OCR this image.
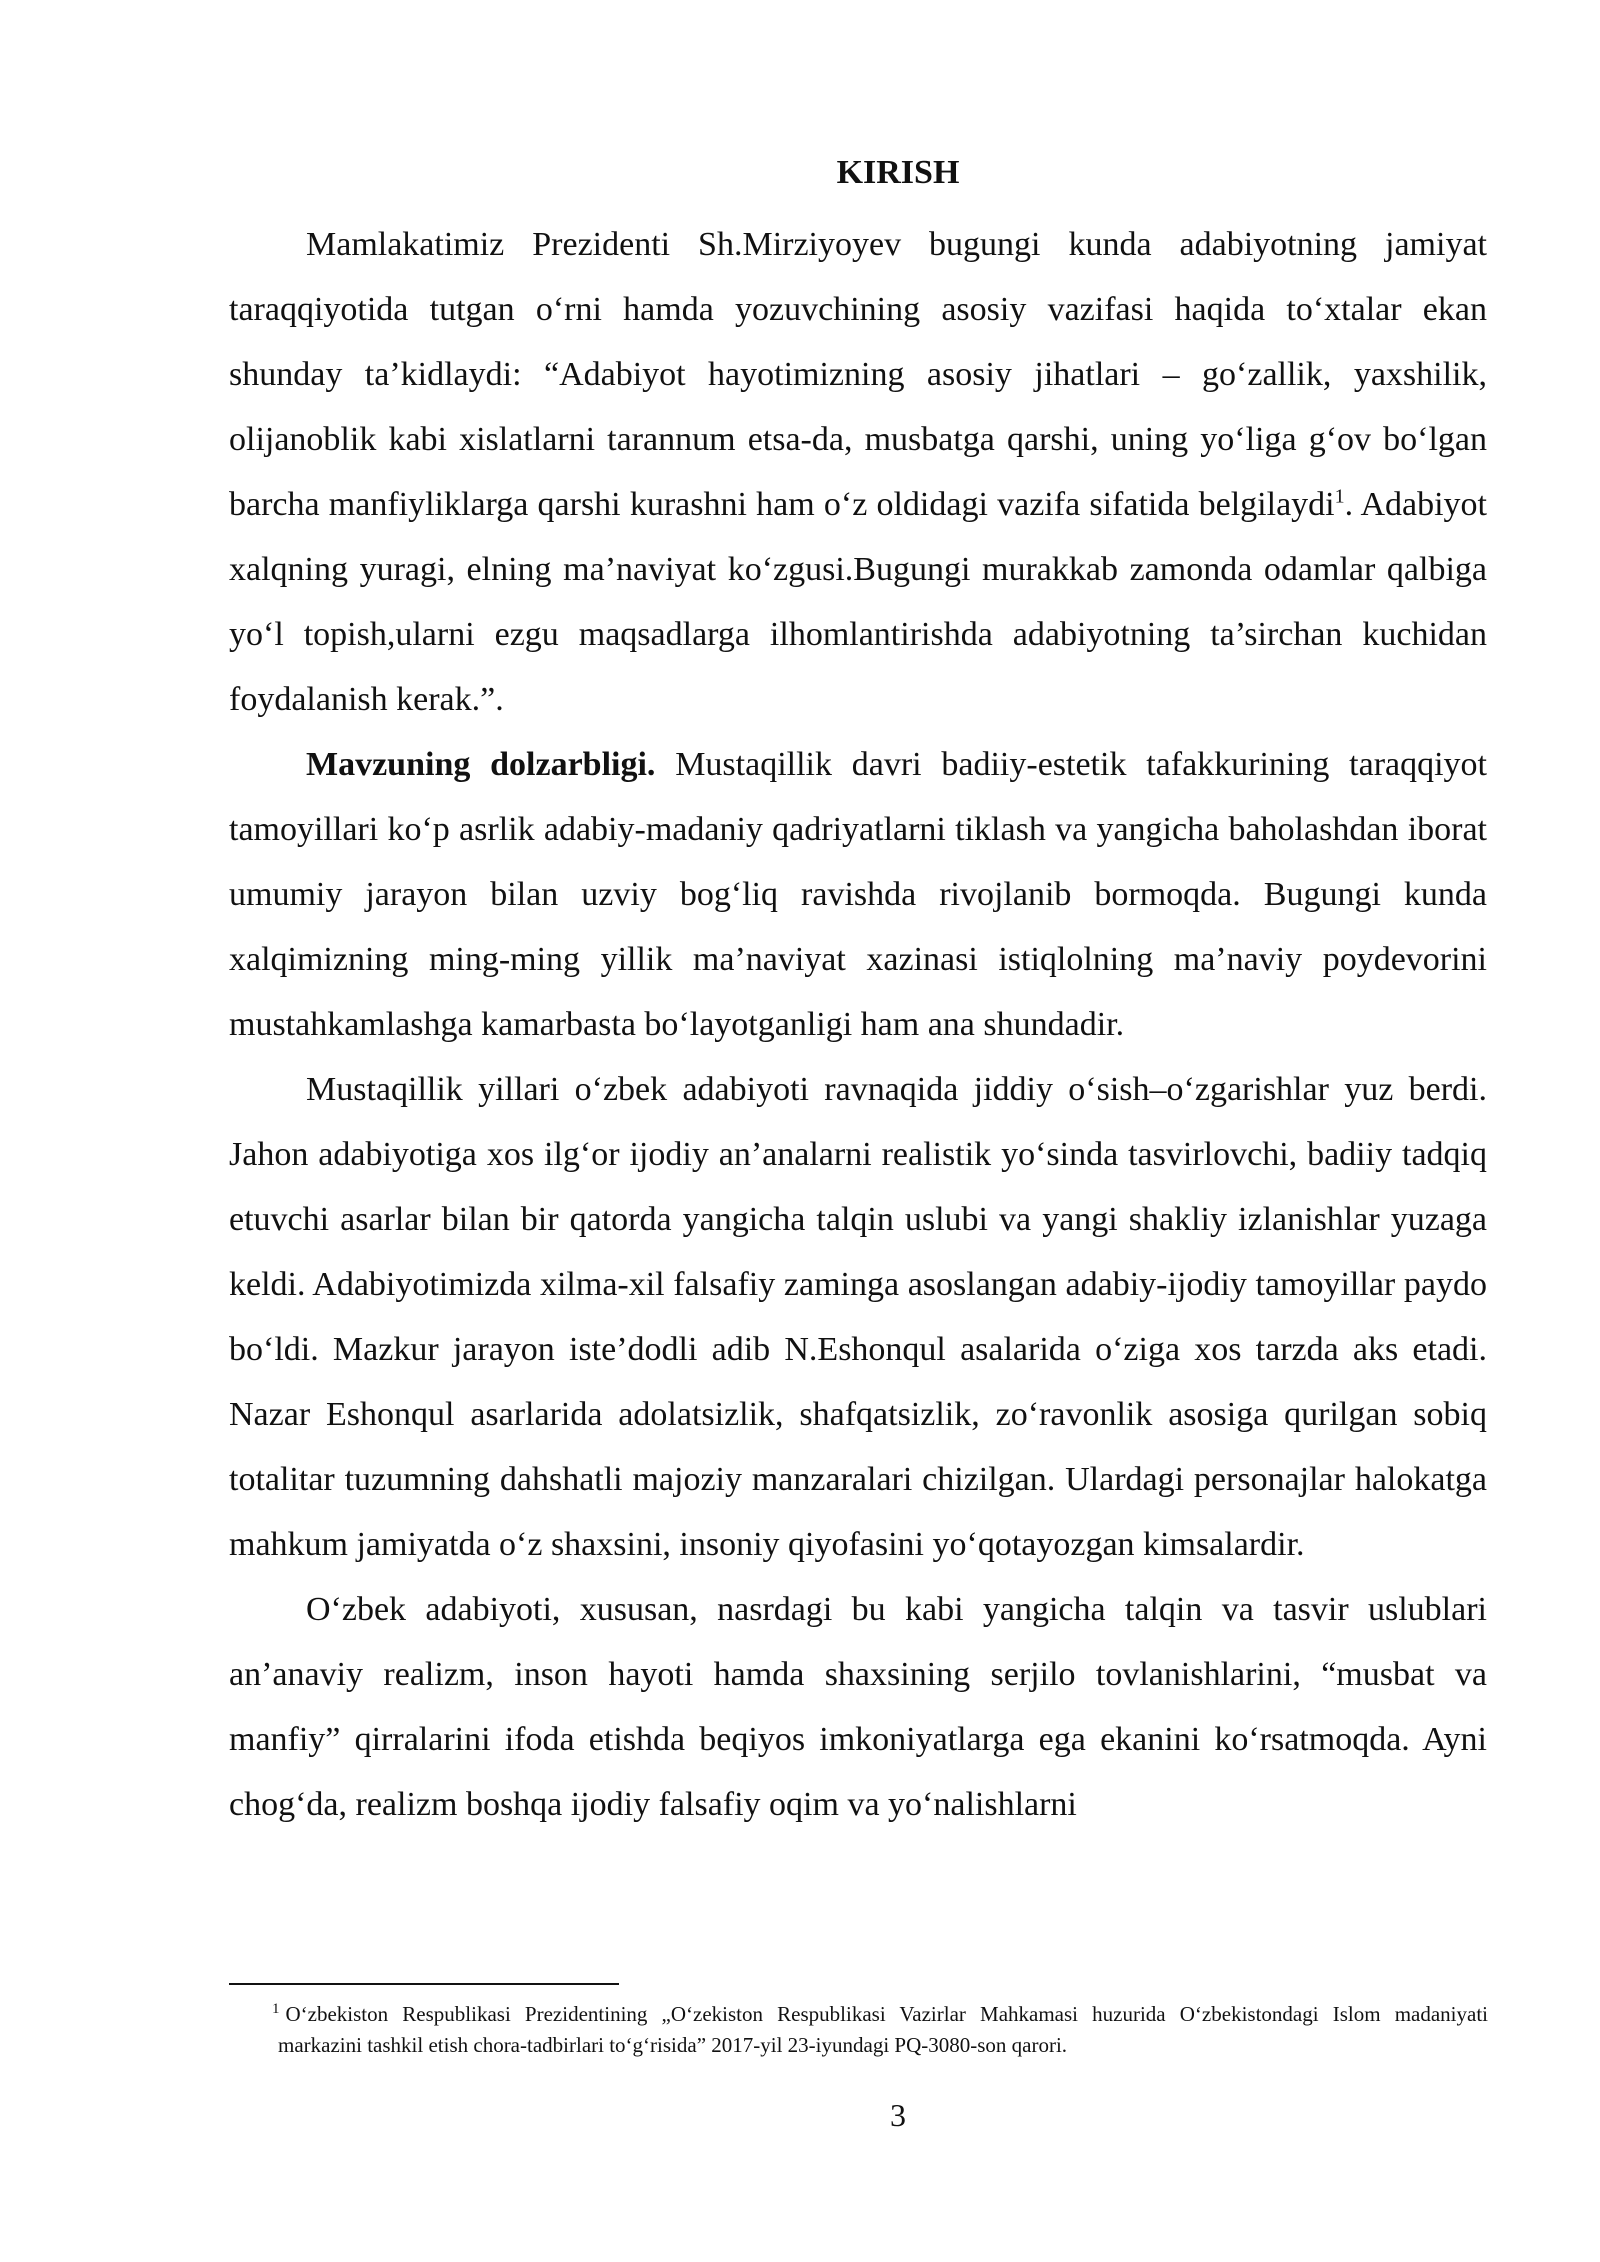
KIRISH

Mamlakatimiz Prezidenti Sh.Mirziyoyev bugungi kunda adabiyotning jamiyat taraqqiyotida tutgan o‘rni hamda yozuvchining asosiy vazifasi haqida to‘xtalar ekan shunday ta’kidlaydi: “Adabiyot hayotimizning asosiy jihatlari – go‘zallik, yaxshilik, olijanoblik kabi xislatlarni tarannum etsa-da, musbatga qarshi, uning yo‘liga g‘ov bo‘lgan barcha manfiyliklarga qarshi kurashni ham o‘z oldidagi vazifa sifatida belgilaydi$^1$. Adabiyot xalqning yuragi, elning ma’naviyat ko‘zgusi.Bugungi murakkab zamonda odamlar qalbiga yo‘l topish,ularni ezgu maqsadlarga ilhomlantirishda adabiyotning ta’sirchan kuchidan foydalanish kerak.”.

Mavzuning dolzarbligi. Mustaqillik davri badiiy-estetik tafakkurining taraqqiyot tamoyillari ko‘p asrlik adabiy-madaniy qadriyatlarni tiklash va yangicha baholashdan iborat umumiy jarayon bilan uzviy bog‘liq ravishda rivojlanib bormoqda. Bugungi kunda xalqimizning ming-ming yillik ma’naviyat xazinasi istiqlolning ma’naviy poydevorini mustahkamlashga kamarbasta bo‘layotganligi ham ana shundadir.

Mustaqillik yillari o‘zbek adabiyoti ravnaqida jiddiy o‘sish–o‘zgarishlar yuz berdi. Jahon adabiyotiga xos ilg‘or ijodiy an’analarni realistik yo‘sinda tasvirlovchi, badiiy tadqiq etuvchi asarlar bilan bir qatorda yangicha talqin uslubi va yangi shakliy izlanishlar yuzaga keldi. Adabiyotimizda xilma-xil falsafiy zaminga asoslangan adabiy-ijodiy tamoyillar paydo bo‘ldi. Mazkur jarayon iste’dodli adib N.Eshonqul asalarida o‘ziga xos tarzda aks etadi. Nazar Eshonqul asarlarida adolatsizlik, shafqatsizlik, zo‘ravonlik asosiga qurilgan sobiq totalitar tuzumning dahshatli majoziy manzaralari chizilgan. Ulardagi personajlar halokatga mahkum jamiyatda o‘z shaxsini, insoniy qiyofasini yo‘qotayozgan kimsalardir.

O‘zbek adabiyoti, xususan, nasrdagi bu kabi yangicha talqin va tasvir uslublari an’anaviy realizm, inson hayoti hamda shaxsining serjilo tovlanishlarini, “musbat va manfiy” qirralarini ifoda etishda beqiyos imkoniyatlarga ega ekanini ko‘rsatmoqda. Ayni chog‘da, realizm boshqa ijodiy falsafiy oqim va yo‘nalishlarni

$^1$ O‘zbekiston Respublikasi Prezidentining „O‘zekiston Respublikasi Vazirlar Mahkamasi huzurida O‘zbekistondagi Islom madaniyati markazini tashkil etish chora-tadbirlari to‘g‘risida” 2017-yil 23-iyundagi PQ-3080-son qarori.
3
